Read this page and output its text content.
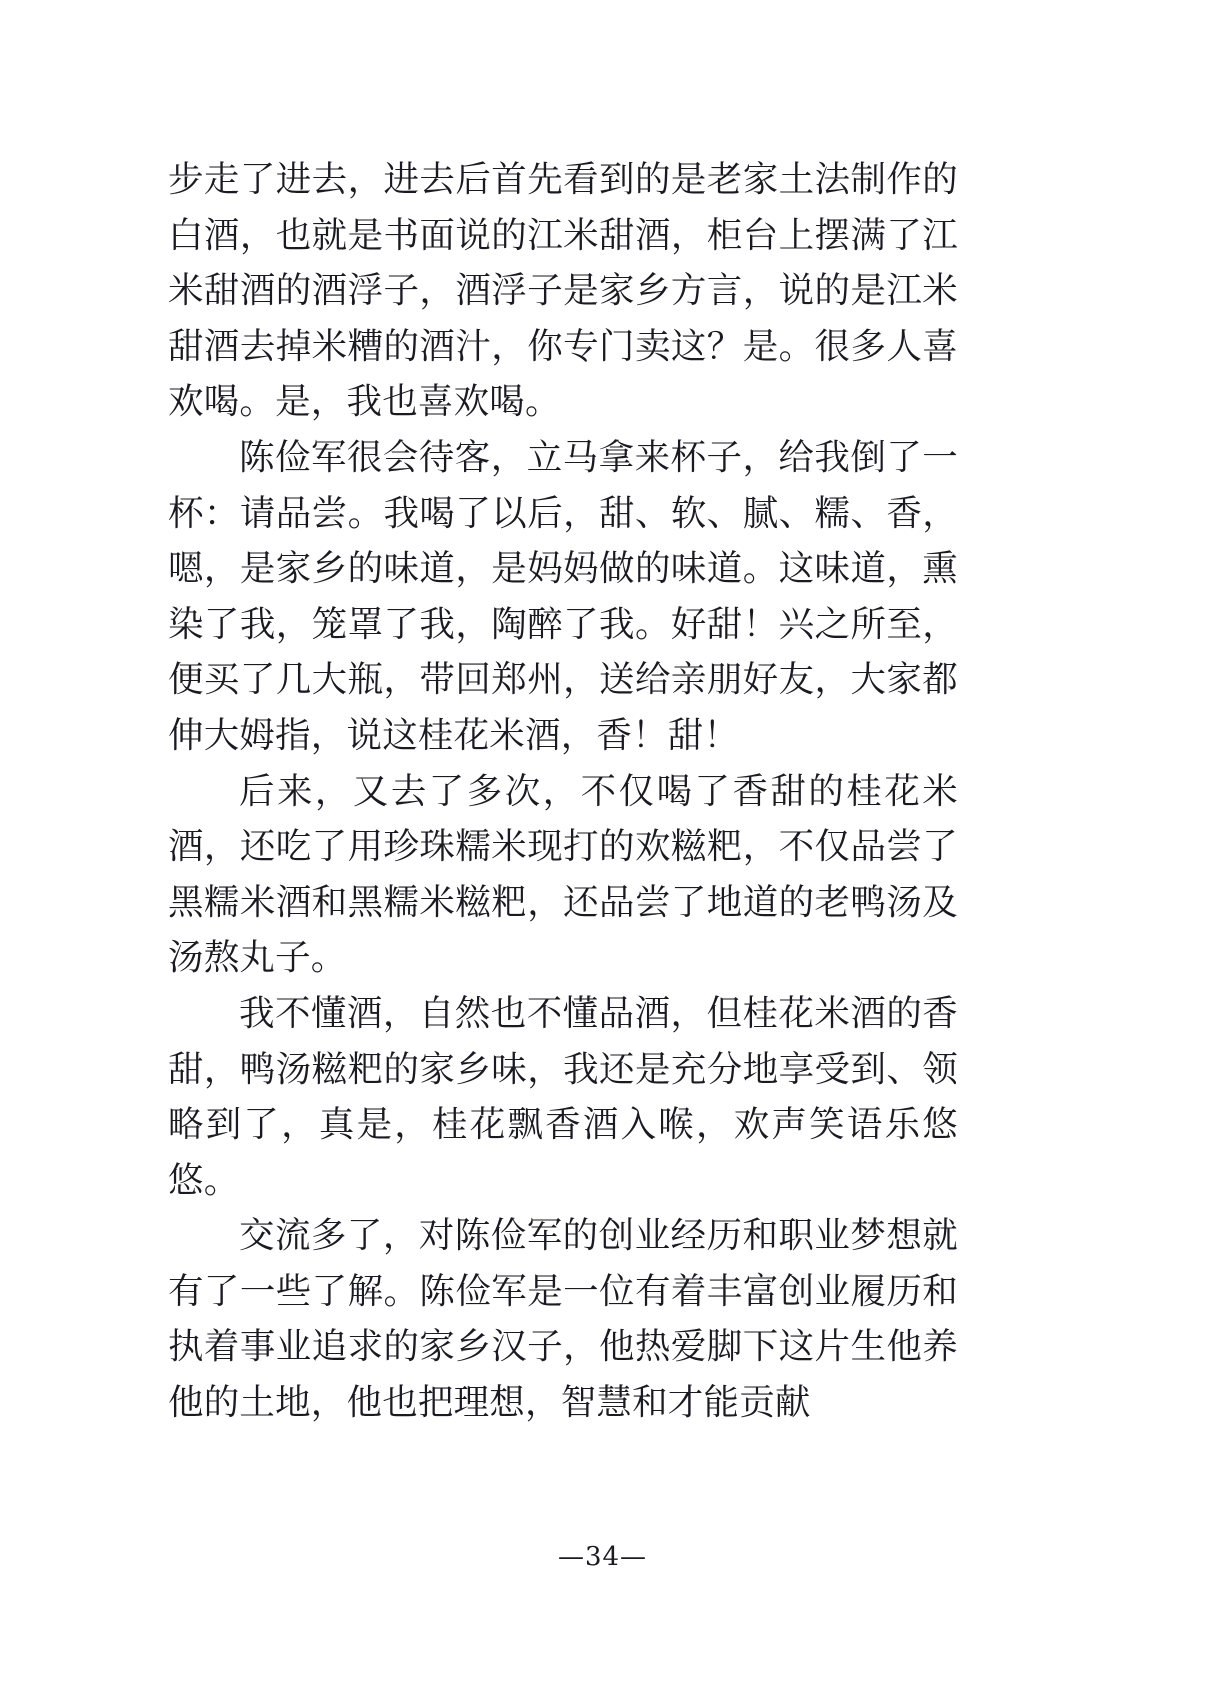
步走了进去，进去后首先看到的是老家土法制作的白酒，也就是书面说的江米甜酒，柜台上摆满了江米甜酒的酒浮子，酒浮子是家乡方言，说的是江米甜酒去掉米糟的酒汁，你专门卖这？是。很多人喜欢喝。是，我也喜欢喝。

陈俭军很会待客，立马拿来杯子，给我倒了一杯：请品尝。我喝了以后，甜、软、腻、糯、香，嗯，是家乡的味道，是妈妈做的味道。这味道，熏染了我，笼罩了我，陶醉了我。好甜！兴之所至，便买了几大瓶，带回郑州，送给亲朋好友，大家都伸大姆指，说这桂花米酒，香！甜！

后来，又去了多次，不仅喝了香甜的桂花米酒，还吃了用珍珠糯米现打的欢糍粑，不仅品尝了黑糯米酒和黑糯米糍粑，还品尝了地道的老鸭汤及汤熬丸子。

我不懂酒，自然也不懂品酒，但桂花米酒的香甜，鸭汤糍粑的家乡味，我还是充分地享受到、领略到了，真是，桂花飘香酒入喉，欢声笑语乐悠悠。

交流多了，对陈俭军的创业经历和职业梦想就有了一些了解。陈俭军是一位有着丰富创业履历和执着事业追求的家乡汉子，他热爱脚下这片生他养他的土地，他也把理想，智慧和才能贡献

—34—
